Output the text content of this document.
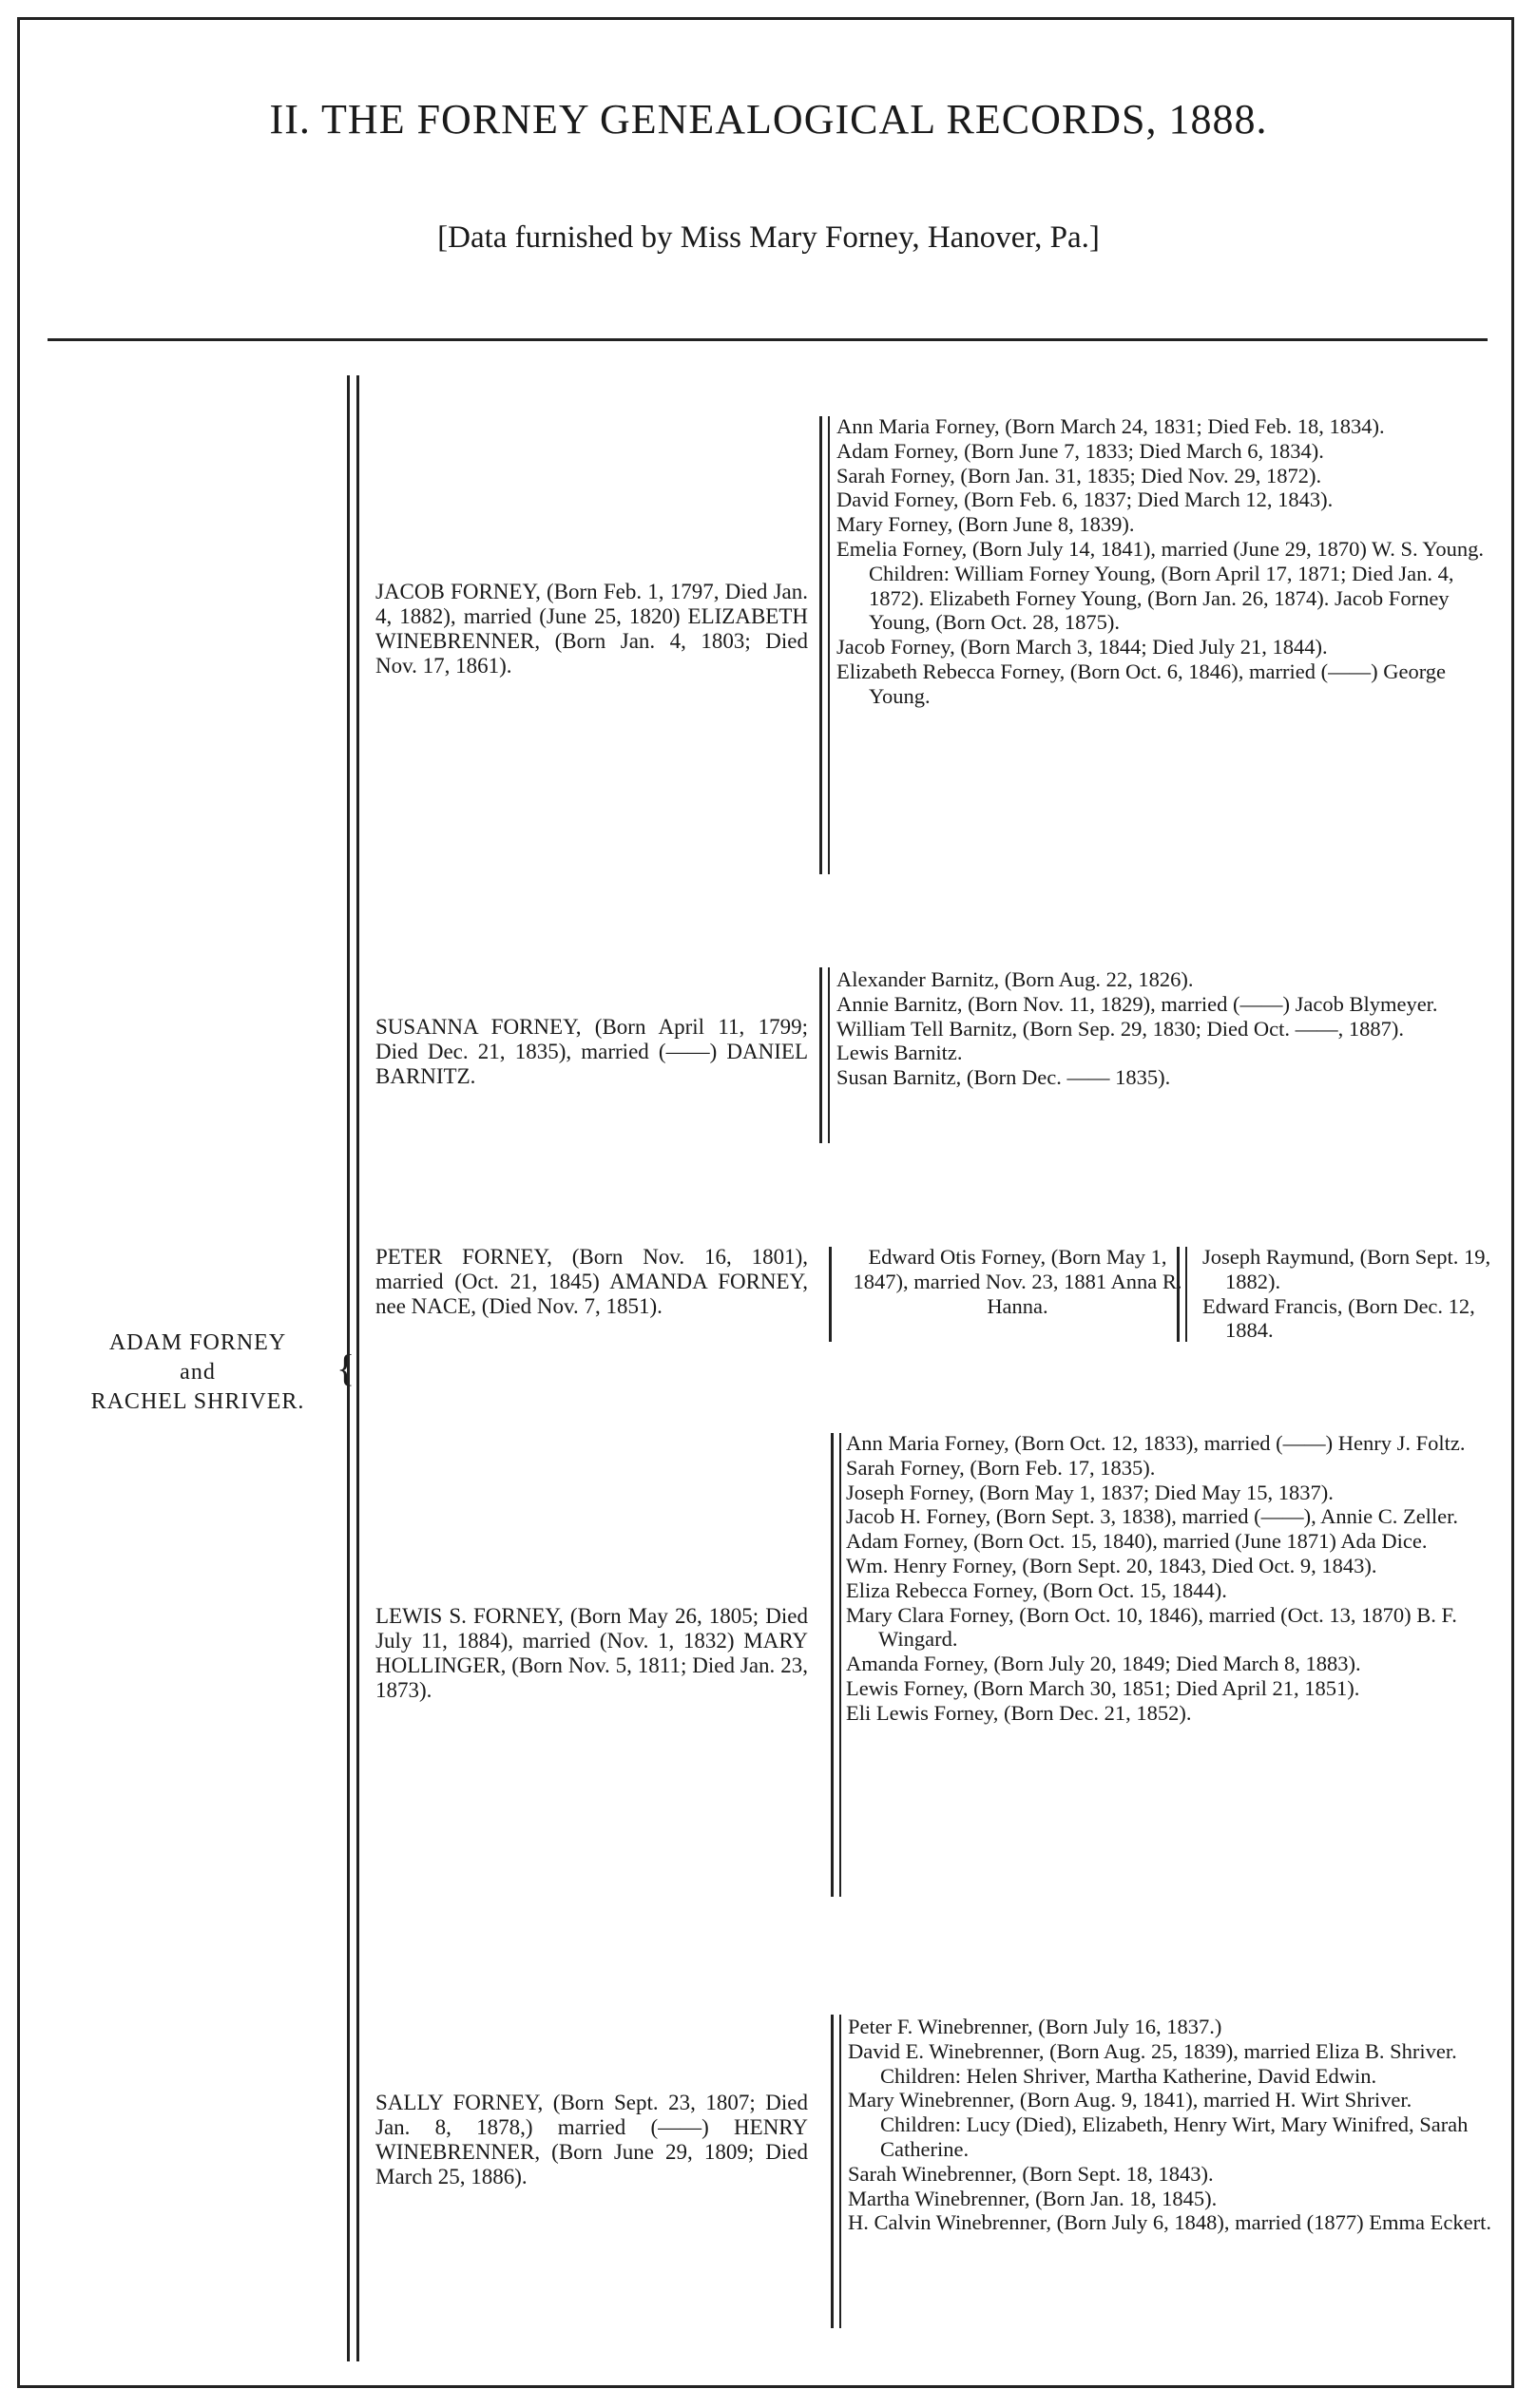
II. THE FORNEY GENEALOGICAL RECORDS, 1888.
[Data furnished by Miss Mary Forney, Hanover, Pa.]
ADAM FORNEY
and
RACHEL SHRIVER.
{
JACOB FORNEY, (Born Feb. 1, 1797, Died Jan. 4, 1882), married (June 25, 1820) ELIZABETH WINEBRENNER, (Born Jan. 4, 1803; Died Nov. 17, 1861).

Ann Maria Forney, (Born March 24, 1831; Died Feb. 18, 1834).

Adam Forney, (Born June 7, 1833; Died March 6, 1834).

Sarah Forney, (Born Jan. 31, 1835; Died Nov. 29, 1872).

David Forney, (Born Feb. 6, 1837; Died March 12, 1843).

Mary Forney, (Born June 8, 1839).

Emelia Forney, (Born July 14, 1841), married (June 29, 1870) W. S. Young. Children: William Forney Young, (Born April 17, 1871; Died Jan. 4, 1872). Elizabeth Forney Young, (Born Jan. 26, 1874). Jacob Forney Young, (Born Oct. 28, 1875).

Jacob Forney, (Born March 3, 1844; Died July 21, 1844).

Elizabeth Rebecca Forney, (Born Oct. 6, 1846), married (——) George Young.

SUSANNA FORNEY, (Born April 11, 1799; Died Dec. 21, 1835), married (——) DANIEL BARNITZ.

Alexander Barnitz, (Born Aug. 22, 1826).

Annie Barnitz, (Born Nov. 11, 1829), married (——) Jacob Blymeyer.

William Tell Barnitz, (Born Sep. 29, 1830; Died Oct. ——, 1887).

Lewis Barnitz.

Susan Barnitz, (Born Dec. —— 1835).

PETER FORNEY, (Born Nov. 16, 1801), married (Oct. 21, 1845) AMANDA FORNEY, nee NACE, (Died Nov. 7, 1851).
Edward Otis Forney, (Born May 1, 1847), married Nov. 23, 1881 Anna R. Hanna.

Joseph Raymund, (Born Sept. 19, 1882).

Edward Francis, (Born Dec. 12, 1884.

LEWIS S. FORNEY, (Born May 26, 1805; Died July 11, 1884), married (Nov. 1, 1832) MARY HOLLINGER, (Born Nov. 5, 1811; Died Jan. 23, 1873).

Ann Maria Forney, (Born Oct. 12, 1833), married (——) Henry J. Foltz.

Sarah Forney, (Born Feb. 17, 1835).

Joseph Forney, (Born May 1, 1837; Died May 15, 1837).

Jacob H. Forney, (Born Sept. 3, 1838), married (——), Annie C. Zeller.

Adam Forney, (Born Oct. 15, 1840), married (June 1871) Ada Dice.

Wm. Henry Forney, (Born Sept. 20, 1843, Died Oct. 9, 1843).

Eliza Rebecca Forney, (Born Oct. 15, 1844).

Mary Clara Forney, (Born Oct. 10, 1846), married (Oct. 13, 1870) B. F. Wingard.

Amanda Forney, (Born July 20, 1849; Died March 8, 1883).

Lewis Forney, (Born March 30, 1851; Died April 21, 1851).

Eli Lewis Forney, (Born Dec. 21, 1852).

SALLY FORNEY, (Born Sept. 23, 1807; Died Jan. 8, 1878,) married (——) HENRY WINEBRENNER, (Born June 29, 1809; Died March 25, 1886).

Peter F. Winebrenner, (Born July 16, 1837.)

David E. Winebrenner, (Born Aug. 25, 1839), married Eliza B. Shriver. Children: Helen Shriver, Martha Katherine, David Edwin.

Mary Winebrenner, (Born Aug. 9, 1841), married H. Wirt Shriver. Children: Lucy (Died), Elizabeth, Henry Wirt, Mary Winifred, Sarah Catherine.

Sarah Winebrenner, (Born Sept. 18, 1843).

Martha Winebrenner, (Born Jan. 18, 1845).

H. Calvin Winebrenner, (Born July 6, 1848), married (1877) Emma Eckert.
